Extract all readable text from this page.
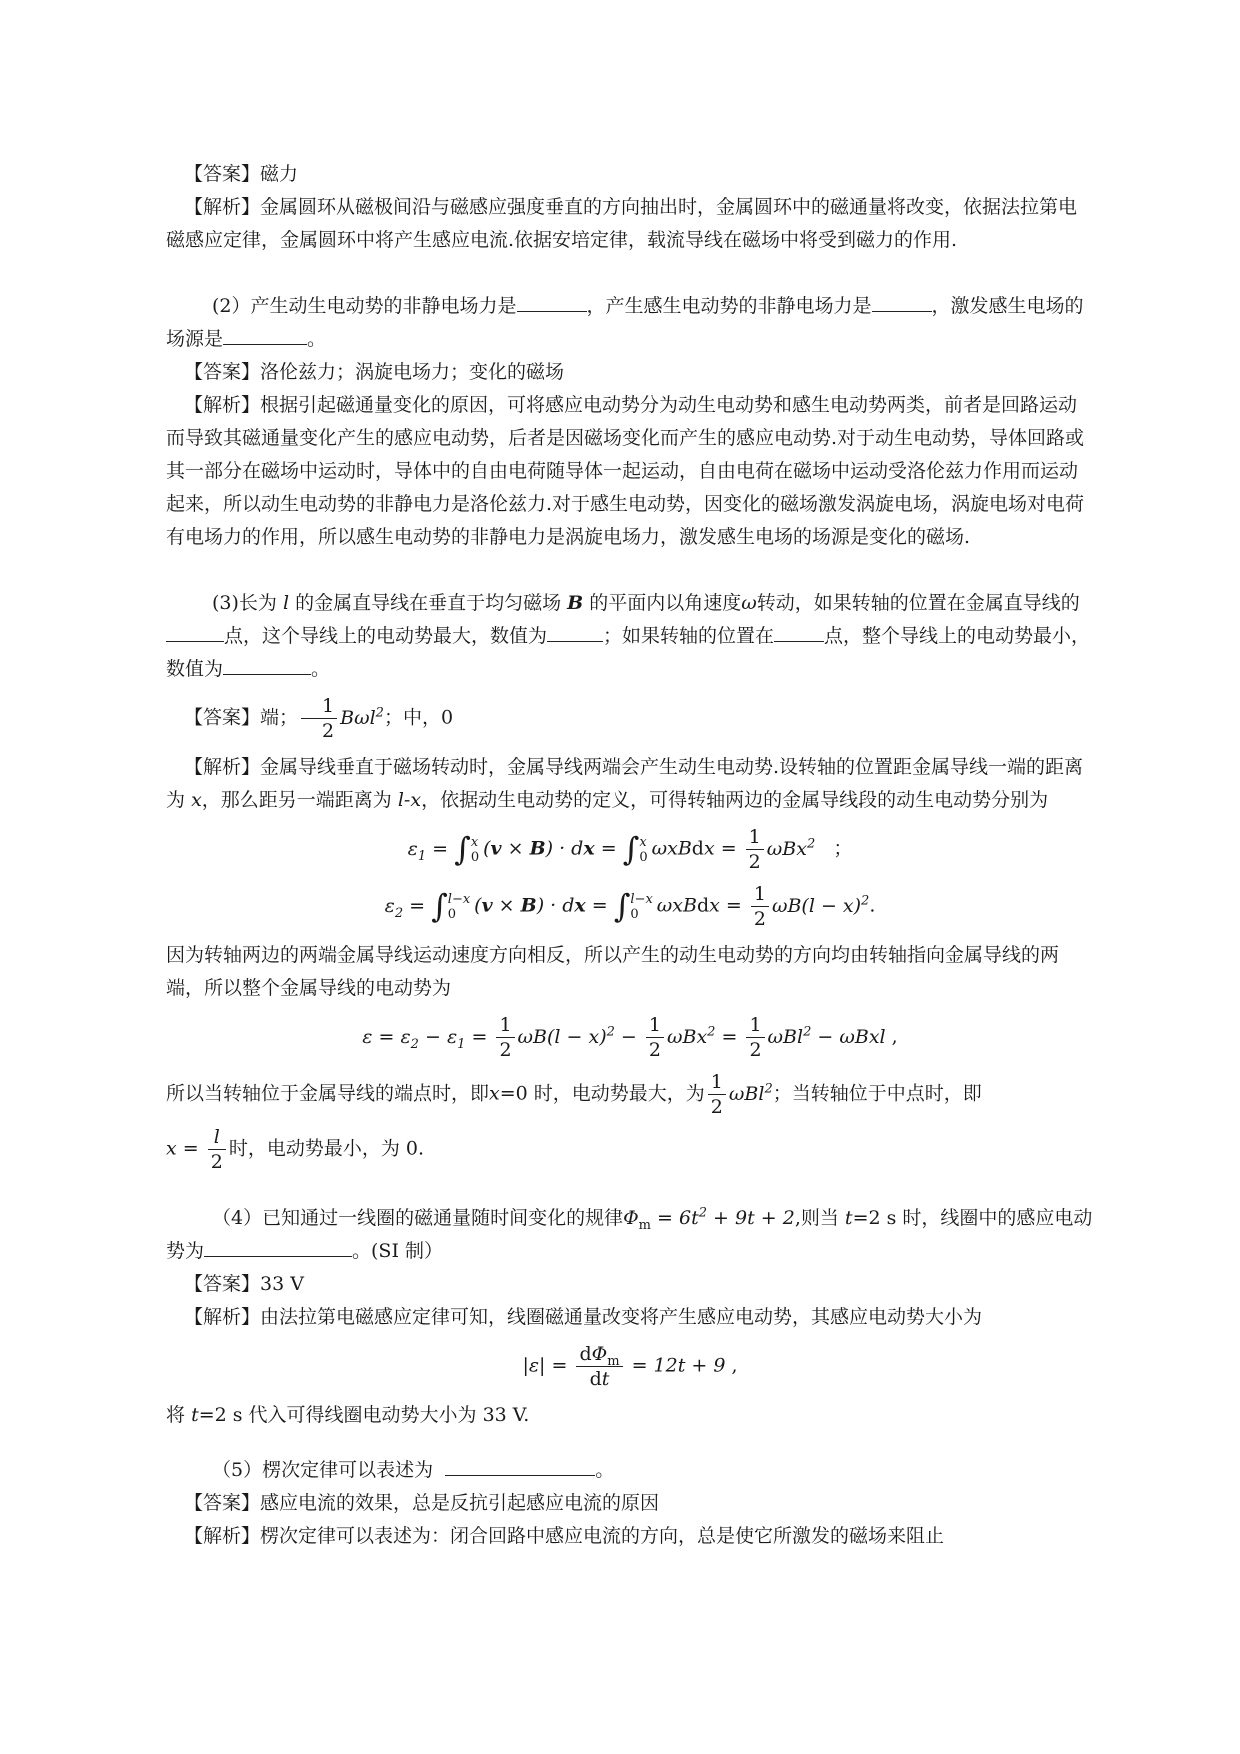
【答案】磁力

【解析】金属圆环从磁极间沿与磁感应强度垂直的方向抽出时，金属圆环中的磁通量将改变，依据法拉第电磁感应定律，金属圆环中将产生感应电流.依据安培定律，载流导线在磁场中将受到磁力的作用.

(2）产生动生电动势的非静电场力是	，产生感生电动势的非静电场力是	，激发感生电场的场源是	。

【答案】洛伦兹力；涡旋电场力；变化的磁场

【解析】根据引起磁通量变化的原因，可将感应电动势分为动生电动势和感生电动势两类，前者是回路运动而导致其磁通量变化产生的感应电动势，后者是因磁场变化而产生的感应电动势.对于动生电动势，导体回路或其一部分在磁场中运动时，导体中的自由电荷随导体一起运动，自由电荷在磁场中运动受洛伦兹力作用而运动起来，所以动生电动势的非静电力是洛伦兹力.对于感生电动势，因变化的磁场激发涡旋电场，涡旋电场对电荷有电场力的作用，所以感生电动势的非静电力是涡旋电场力，激发感生电场的场源是变化的磁场.

(3)长为 l 的金属直导线在垂直于均匀磁场 B 的平面内以角速度ω转动，如果转轴的位置在金属直导线的点，这个导线上的电动势最大，数值为	；如果转轴的位置在	点，整个导线上的电动势最小，数值为	。

【答案】端； $\frac{1}{2} B\omega l^2$；中，0

【解析】金属导线垂直于磁场转动时，金属导线两端会产生动生电动势.设转轴的位置距金属导线一端的距离为 x，那么距另一端距离为 l-x，依据动生电动势的定义，可得转轴两边的金属导线段的动生电动势分别为

$\varepsilon_1$ = ∫ x
0 (v × B) · dx = ∫ x
0 ωxBdx = $\frac{1}{2} \omega Bx^2$   ；
$\varepsilon_2$ = ∫ l−x
0 (v × B) · dx = ∫ l−x
0 ωxBdx = $\frac{1}{2} \omega B(l - x)^2$.

因为转轴两边的两端金属导线运动速度方向相反，所以产生的动生电动势的方向均由转轴指向金属导线的两端，所以整个金属导线的电动势为

$\varepsilon = \varepsilon_2 - \varepsilon_1 = \frac{1}{2} \omega B(l - x)^2 - \frac{1}{2} \omega Bx^2 = \frac{1}{2} \omega Bl^2 - \omega Bxl$ ,

所以当转轴位于金属导线的端点时，即x=0 时，电动势最大，为 $\frac{1}{2} \omega Bl^2$；当转轴位于中点时，即

$x = \frac{l}{2}$ 时，电动势最小，为 0.

（4）已知通过一线圈的磁通量随时间变化的规律$\Phi_m = 6t^2 + 9t + 2$,则当 t=2 s 时，线圈中的感应电动势为	。(SI 制）

【答案】33 V

【解析】由法拉第电磁感应定律可知，线圈磁通量改变将产生感应电动势，其感应电动势大小为

$|\varepsilon| = \frac{d\Phi_m}{dt} = 12t + 9$ ,

将 t=2 s 代入可得线圈电动势大小为 33 V.

（5）楞次定律可以表述为	。

【答案】感应电流的效果，总是反抗引起感应电流的原因

【解析】楞次定律可以表述为：闭合回路中感应电流的方向，总是使它所激发的磁场来阻止
